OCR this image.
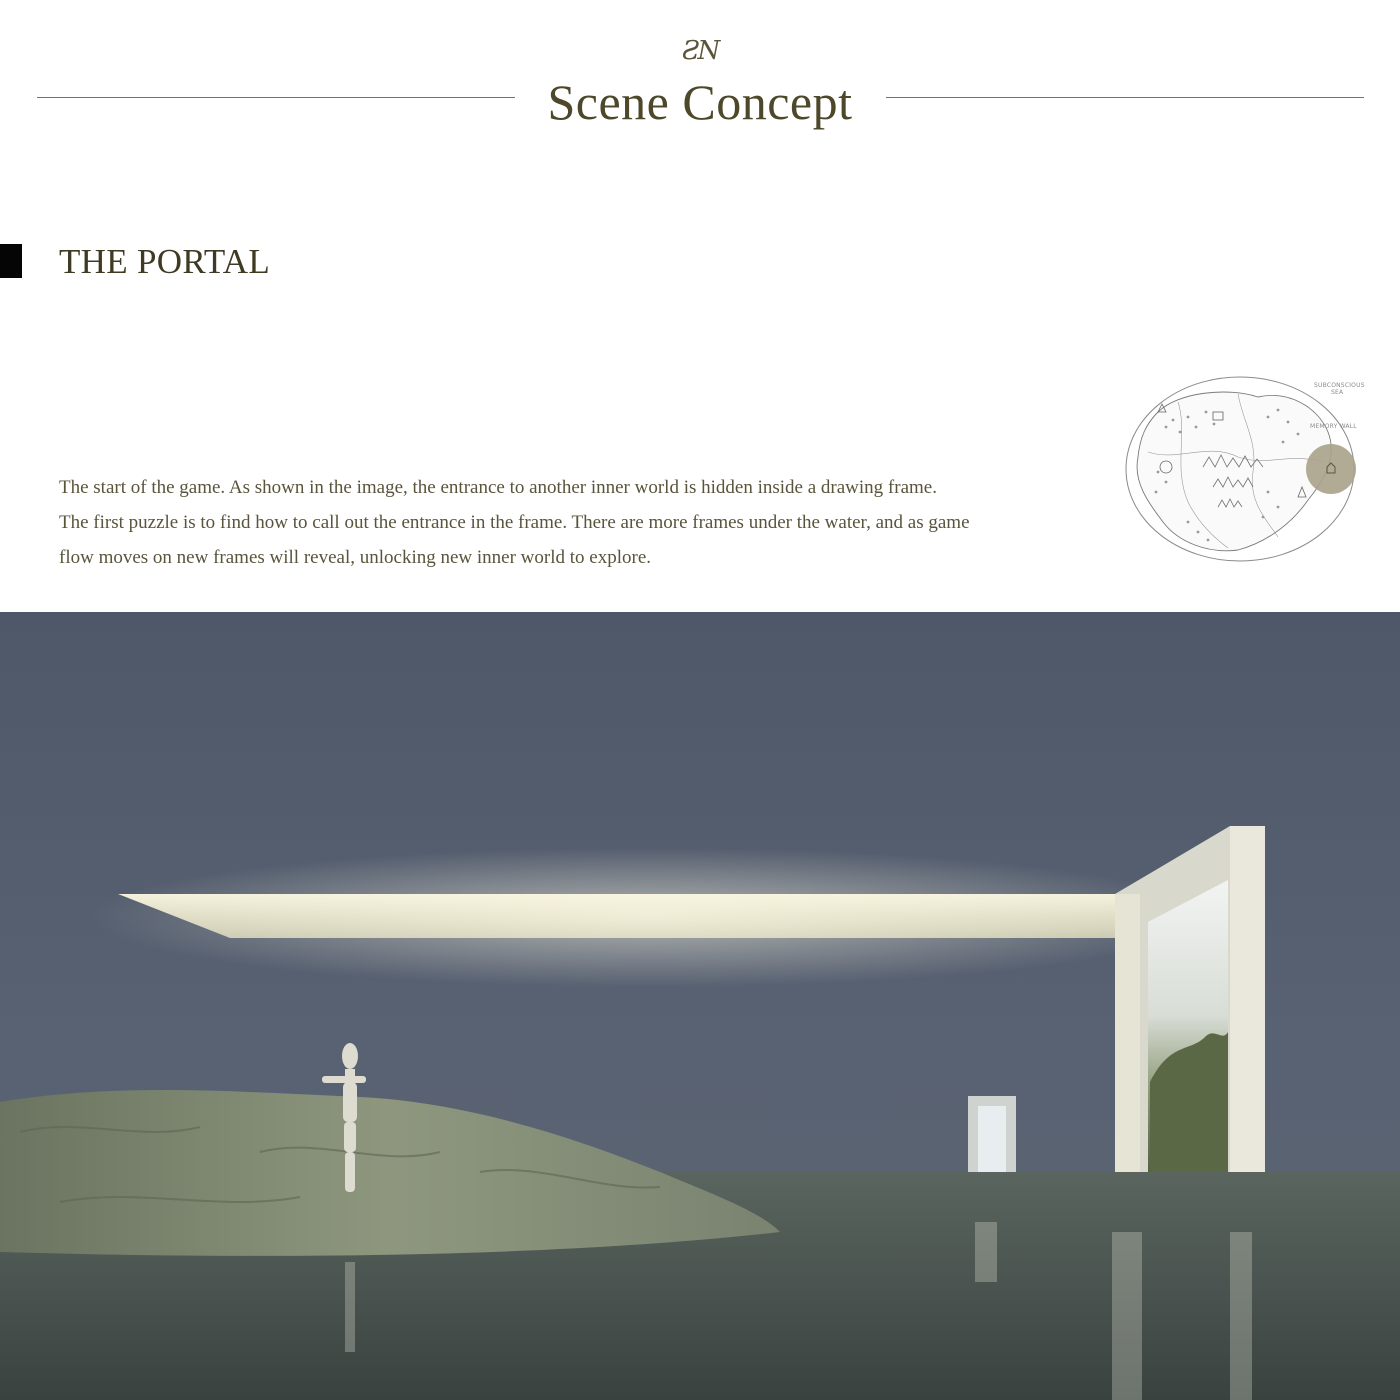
ƧN
Scene Concept
THE PORTAL

The start of the game. As shown in the image, the entrance to another inner world is hidden inside a drawing frame.

The first puzzle is to find how to call out the entrance in the frame. There are more frames under the water, and as game

flow moves on new frames will reveal, unlocking new inner world to explore.

SUBCONSCIOUS
SEA
MEMORY WALL
